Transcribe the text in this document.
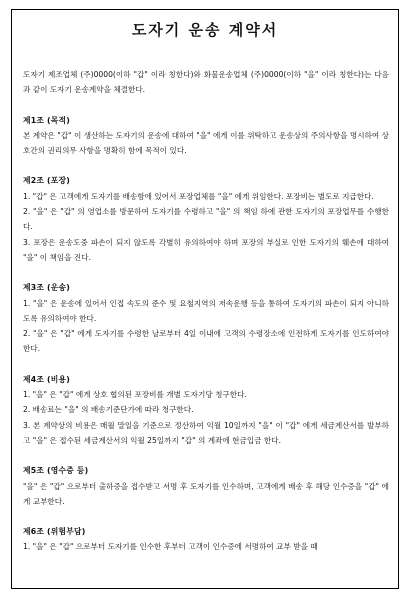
도자기 운송 계약서

도자기 제조업체 (주)0000(이하 "갑" 이라 칭한다)와 화물운송업체 (주)0000(이하 "을" 이라 칭한다)는 다음과 같이 도자기 운송계약을 체결한다.

제1조 (목적)

본 계약은 "갑" 이 생산하는 도자기의 운송에 대하여 "을" 에게 이를 위탁하고 운송상의 주의사항을 명시하여 상호간의 권리의무 사항을 명확히 함에 목적이 있다.

제2조 (포장)

1. "갑" 은 고객에게 도자기를 배송함에 있어서 포장업체를 "을" 에게 위임한다. 포장비는 별도로 지급한다.

2. "을" 은 "갑" 의 영업소를 방문하여 도자기를 수령하고 "을" 의 책임 하에 관한 도자기의 포장업무를 수행한다.

3. 포장은 운송도중 파손이 되지 않도록 각별히 유의하여야 하며 포장의 부실로 인한 도자기의 훼손에 대하여 "을" 이 책임을 진다.

제3조 (운송)

1. "을" 은 운송에 있어서 인접 속도의 준수 및 요철지역의 저속운행 등을 통하여 도자기의 파손이 되지 아니하도록 유의하여야 한다.

2. "을" 은 "갑" 에게 도자기를 수령한 날로부터 4일 이내에 고객의 수령장소에 인전하게 도자기를 인도하여야 한다.

제4조 (비용)

1. "을" 은 "갑" 에게 상호 협의된 포장비를 개별 도자기당 청구한다.

2. 배송료는 "을" 의 배송기준단가에 따라 청구한다.

3. 본 계약상의 비용은 매월 말일을 기준으로 정산하여 익월 10일까지 "을" 이 "갑" 에게 세금계산서를 발부하고 "을" 은 접수된 세금계산서의 익월 25일까지 "갑" 의 계좌에 현금입금 한다.

제5조 (영수증 등)

"을" 은 "갑" 으로부터 출하증을 접수받고 서명 후 도자기를 인수하며, 고객에게 배송 후 해당 인수증을 "갑" 에게 교부한다.

제6조 (위험부담)

1. "을" 은 "갑" 으로부터 도자기를 인수한 후부터 고객이 인수증에 서명하여 교부 받을 때
